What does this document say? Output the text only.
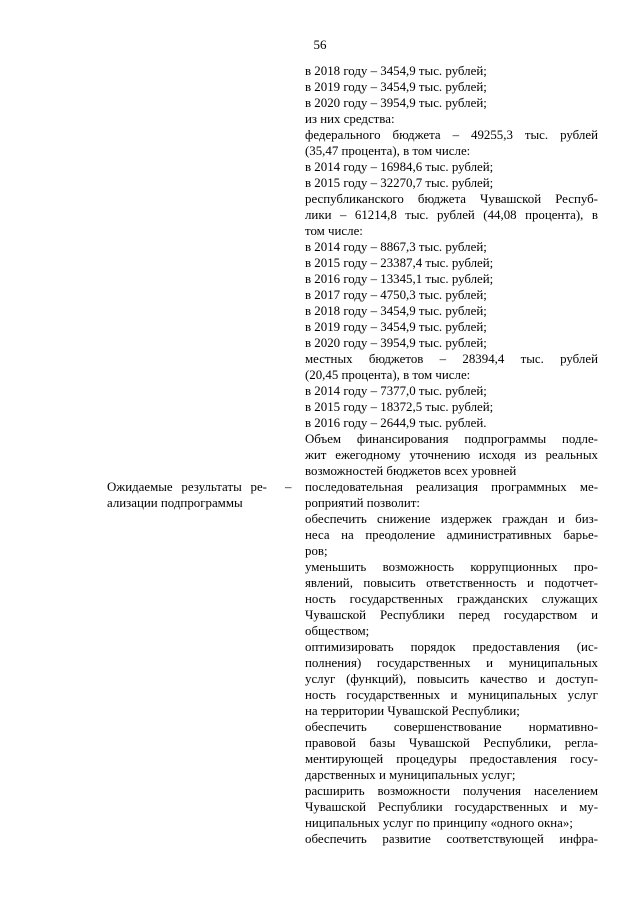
56
в 2018 году – 3454,9 тыс. рублей;
в 2019 году – 3454,9 тыс. рублей;
в 2020 году – 3954,9 тыс. рублей;
из них средства:
федерального бюджета – 49255,3 тыс. рублей
(35,47 процента), в том числе:
в 2014 году – 16984,6 тыс. рублей;
в 2015 году – 32270,7 тыс. рублей;
республиканского бюджета Чувашской Респуб-
лики – 61214,8 тыс. рублей (44,08 процента), в
том числе:
в 2014 году – 8867,3 тыс. рублей;
в 2015 году – 23387,4 тыс. рублей;
в 2016 году – 13345,1 тыс. рублей;
в 2017 году – 4750,3 тыс. рублей;
в 2018 году – 3454,9 тыс. рублей;
в 2019 году – 3454,9 тыс. рублей;
в 2020 году – 3954,9 тыс. рублей;
местных бюджетов – 28394,4 тыс. рублей
(20,45 процента), в том числе:
в 2014 году – 7377,0 тыс. рублей;
в 2015 году – 18372,5 тыс. рублей;
в 2016 году – 2644,9 тыс. рублей.
Объем финансирования подпрограммы подле-
жит ежегодному уточнению исходя из реальных
возможностей бюджетов всех уровней
Ожидаемые результаты ре-
ализации подпрограммы
– последовательная реализация программных ме-
роприятий позволит:
обеспечить снижение издержек граждан и биз-
неса на преодоление административных барье-
ров;
уменьшить возможность коррупционных про-
явлений, повысить ответственность и подотчет-
ность государственных гражданских служащих
Чувашской Республики перед государством и
обществом;
оптимизировать порядок предоставления (ис-
полнения) государственных и муниципальных
услуг (функций), повысить качество и доступ-
ность государственных и муниципальных услуг
на территории Чувашской Республики;
обеспечить совершенствование нормативно-
правовой базы Чувашской Республики, регла-
ментирующей процедуры предоставления госу-
дарственных и муниципальных услуг;
расширить возможности получения населением
Чувашской Республики государственных и му-
ниципальных услуг по принципу «одного окна»;
обеспечить развитие соответствующей инфра-
